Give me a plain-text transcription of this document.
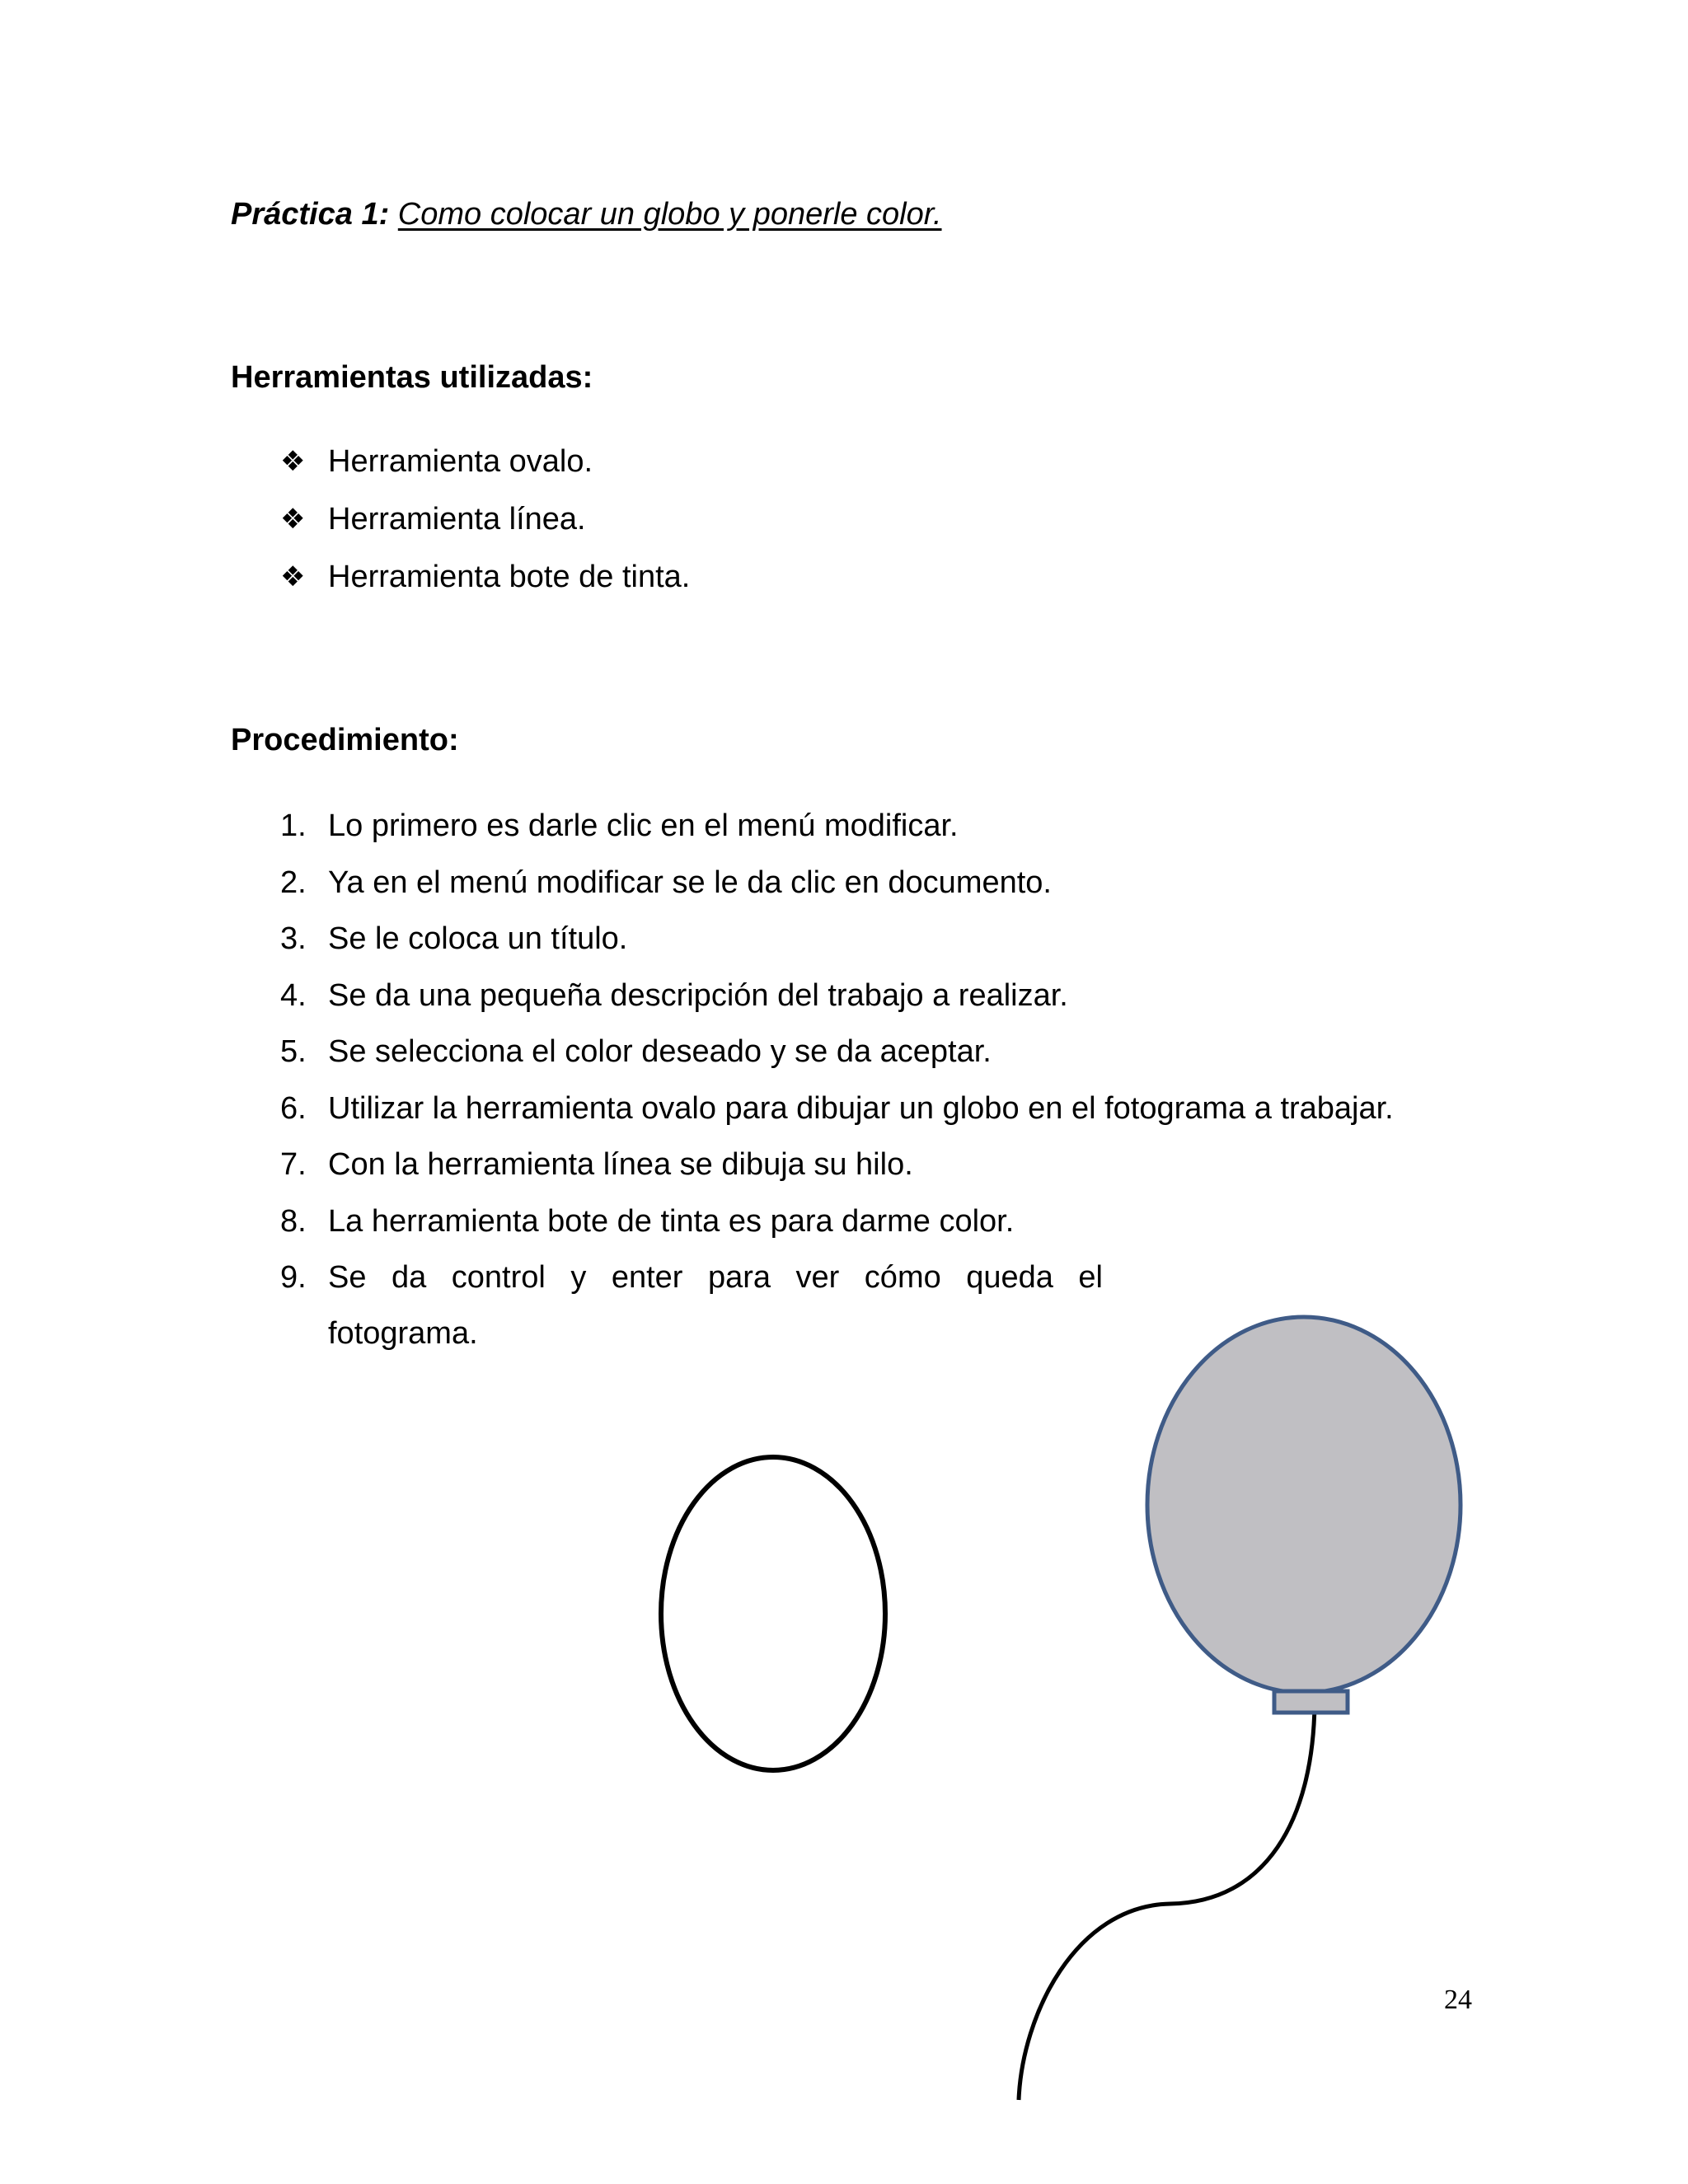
Práctica 1: Como colocar un globo y ponerle color.
Herramientas utilizadas:
❖ Herramienta ovalo.
❖ Herramienta línea.
❖ Herramienta bote de tinta.
Procedimiento:
1. Lo primero es darle clic en el menú modificar.
2. Ya en el menú modificar se le da clic en documento.
3. Se le coloca un título.
4. Se da una pequeña descripción del trabajo a realizar.
5. Se selecciona el color deseado y se da aceptar.
6. Utilizar la herramienta ovalo para dibujar un globo en el fotograma a trabajar.
7. Con la herramienta línea se dibuja su hilo.
8. La herramienta bote de tinta es para darme color.
9. Se da control y enter para ver cómo queda el fotograma.
24
